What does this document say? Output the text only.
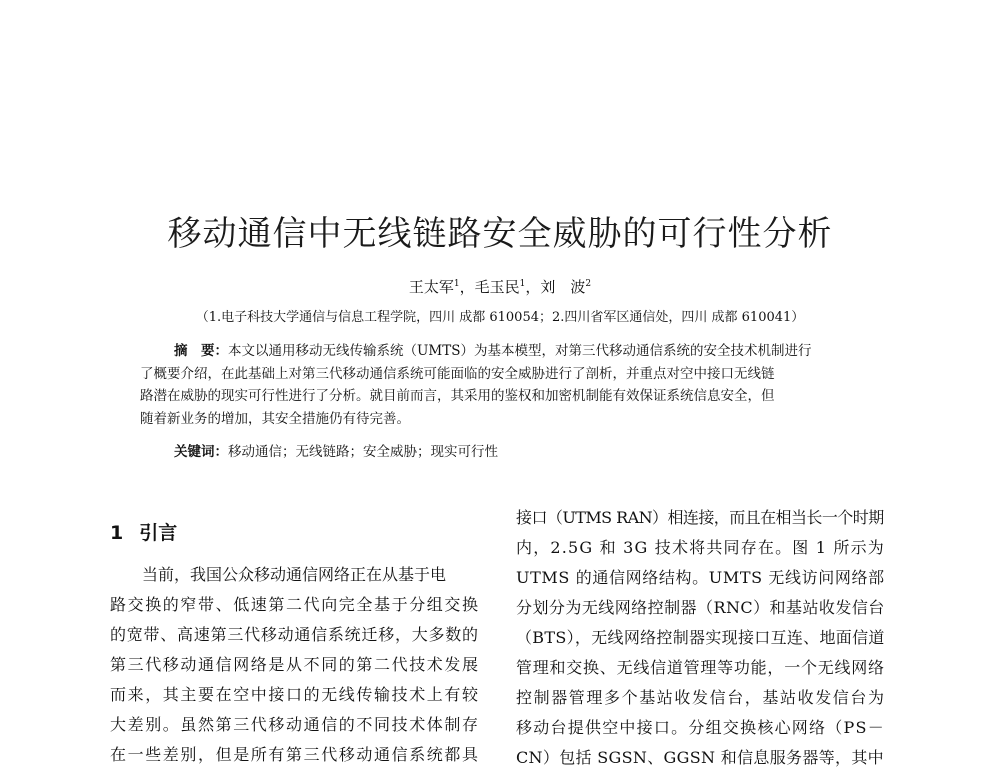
移动通信中无线链路安全威胁的可行性分析
王太军$^1$，毛玉民$^1$，刘　波$^2$
（1.电子科技大学通信与信息工程学院，四川 成都 610054；2.四川省军区通信处，四川 成都 610041）
摘　要：本文以通用移动无线传输系统（UMTS）为基本模型，对第三代移动通信系统的安全技术机制进行
了概要介绍，在此基础上对第三代移动通信系统可能面临的安全威胁进行了剖析，并重点对空中接口无线链
路潜在威胁的现实可行性进行了分析。就目前而言，其采用的鉴权和加密机制能有效保证系统信息安全，但
随着新业务的增加，其安全措施仍有待完善。
关键词：移动通信；无线链路；安全威胁；现实可行性
1 引言
当前，我国公众移动通信网络正在从基于电
路交换的窄带、低速第二代向完全基于分组交换
的宽带、高速第三代移动通信系统迁移，大多数的
第三代移动通信网络是从不同的第二代技术发展
而来，其主要在空中接口的无线传输技术上有较
大差别。虽然第三代移动通信的不同技术体制存
在一些差别，但是所有第三代移动通信系统都具
接口（UTMS RAN）相连接，而且在相当长一个时期
内，2.5G 和 3G 技术将共同存在。图 1 所示为
UTMS 的通信网络结构。UMTS 无线访问网络部
分划分为无线网络控制器（RNC）和基站收发信台
（BTS），无线网络控制器实现接口互连、地面信道
管理和交换、无线信道管理等功能，一个无线网络
控制器管理多个基站收发信台，基站收发信台为
移动台提供空中接口。分组交换核心网络（PS－
CN）包括 SGSN、GGSN 和信息服务器等，其中
